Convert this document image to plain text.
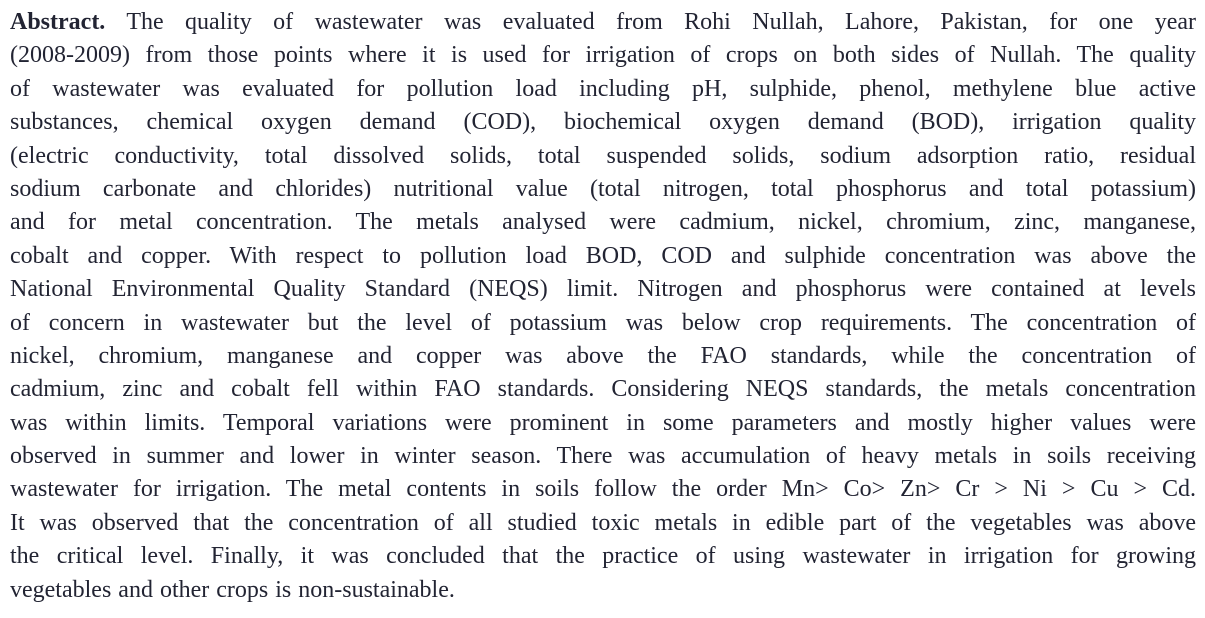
Abstract. The quality of wastewater was evaluated from Rohi Nullah, Lahore, Pakistan, for one year
(2008-2009) from those points where it is used for irrigation of crops on both sides of Nullah. The quality
of wastewater was evaluated for pollution load including pH, sulphide, phenol, methylene blue active
substances, chemical oxygen demand (COD), biochemical oxygen demand (BOD), irrigation quality
(electric conductivity, total dissolved solids, total suspended solids, sodium adsorption ratio, residual
sodium carbonate and chlorides) nutritional value (total nitrogen, total phosphorus and total potassium)
and for metal concentration. The metals analysed were cadmium, nickel, chromium, zinc, manganese,
cobalt and copper. With respect to pollution load BOD, COD and sulphide concentration was above the
National Environmental Quality Standard (NEQS) limit. Nitrogen and phosphorus were contained at levels
of concern in wastewater but the level of potassium was below crop requirements. The concentration of
nickel, chromium, manganese and copper was above the FAO standards, while the concentration of
cadmium, zinc and cobalt fell within FAO standards. Considering NEQS standards, the metals concentration
was within limits. Temporal variations were prominent in some parameters and mostly higher values were
observed in summer and lower in winter season. There was accumulation of heavy metals in soils receiving
wastewater for irrigation. The metal contents in soils follow the order Mn> Co> Zn> Cr > Ni > Cu > Cd.
It was observed that the concentration of all studied toxic metals in edible part of the vegetables was above
the critical level. Finally, it was concluded that the practice of using wastewater in irrigation for growing
vegetables and other crops is non-sustainable.
